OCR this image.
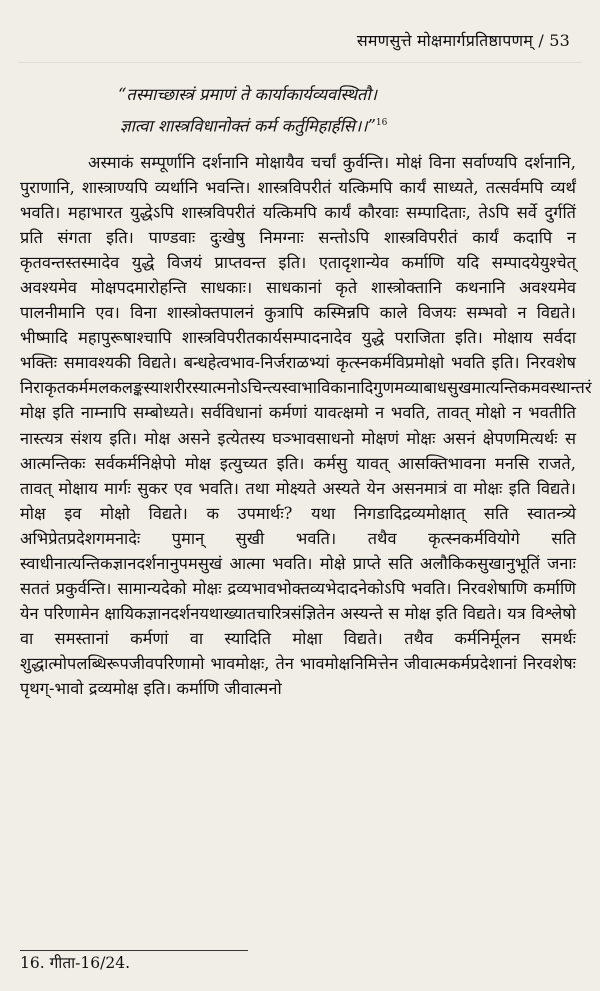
समणसुत्ते मोक्षमार्गप्रतिष्ठापणम् / 53
“तस्माच्छास्त्रं प्रमाणं ते कार्याकार्यव्यवस्थितौ।
ज्ञात्वा शास्त्रविधानोक्तं कर्म कर्तुमिहार्हसि।।”$^{16}$

अस्माकं सम्पूर्णानि दर्शनानि मोक्षायैव चर्चां कुर्वन्ति। मोक्षं विना सर्वाण्यपि दर्शनानि, पुराणानि, शास्त्राण्यपि व्यर्थानि भवन्ति। शास्त्रविपरीतं यत्किमपि कार्यं साध्यते, तत्सर्वमपि व्यर्थं भवति। महाभारत युद्धेऽपि शास्त्रविपरीतं यत्किमपि कार्यं कौरवाः सम्पादिताः, तेऽपि सर्वे दुर्गतिं प्रति संगता इति। पाण्डवाः दुःखेषु निमग्नाः सन्तोऽपि शास्त्रविपरीतं कार्यं कदापि न कृतवन्तस्तस्मादेव युद्धे विजयं प्राप्तवन्त इति। एतादृशान्येव कर्माणि यदि सम्पादयेयुश्चेत् अवश्यमेव मोक्षपदमारोहन्ति साधकाः। साधकानां कृते शास्त्रोक्तानि कथनानि अवश्यमेव पालनीमानि एव। विना शास्त्रोक्तपालनं कुत्रापि कस्मिन्नपि काले विजयः सम्भवो न विद्यते। भीष्मादि महापुरूषाश्चापि शास्त्रविपरीतकार्यसम्पादनादेव युद्धे पराजिता इति। मोक्षाय सर्वदा भक्तिः समावश्यकी विद्यते। बन्धहेत्वभाव-निर्जराळभ्यां कृत्स्नकर्मविप्रमोक्षो भवति इति। निरवशेष निराकृतकर्ममलकलङ्कस्याशरीरस्यात्मनोऽचिन्त्यस्वाभाविकानादिगुणमव्याबाधसुखमात्यन्तिकमवस्थान्तरं मोक्ष इति नाम्नापि सम्बोध्यते। सर्वविधानां कर्मणां यावत्क्षमो न भवति, तावत् मोक्षो न भवतीति नास्त्यत्र संशय इति। मोक्ष असने इत्येतस्य घञ्भावसाधनो मोक्षणं मोक्षः असनं क्षेपणमित्यर्थः स आत्मन्तिकः सर्वकर्मनिक्षेपो मोक्ष इत्युच्यत इति। कर्मसु यावत् आसक्तिभावना मनसि राजते, तावत् मोक्षाय मार्गः सुकर एव भवति। तथा मोक्ष्यते अस्यते येन असनमात्रं वा मोक्षः इति विद्यते। मोक्ष इव मोक्षो विद्यते। क उपमार्थः? यथा निगडादिद्रव्यमोक्षात् सति स्वातन्त्र्ये अभिप्रेतप्रदेशगमनादेः पुमान् सुखी भवति। तथैव कृत्स्नकर्मवियोगे सति स्वाधीनात्यन्तिकज्ञानदर्शनानुपमसुखं आत्मा भवति। मोक्षे प्राप्ते सति अलौकिकसुखानुभूतिं जनाः सततं प्रकुर्वन्ति। सामान्यदेको मोक्षः द्रव्यभावभोक्तव्यभेदादनेकोऽपि भवति। निरवशेषाणि कर्माणि येन परिणामेन क्षायिकज्ञानदर्शनयथाख्यातचारित्रसंज्ञितेन अस्यन्ते स मोक्ष इति विद्यते। यत्र विश्लेषो वा समस्तानां कर्मणां वा स्यादिति मोक्षा विद्यते। तथैव कर्मनिर्मूलन समर्थः शुद्धात्मोपलब्धिरूपजीवपरिणामो भावमोक्षः, तेन भावमोक्षनिमित्तेन जीवात्मकर्मप्रदेशानां निरवशेषः पृथग्-भावो द्रव्यमोक्ष इति। कर्माणि जीवात्मनो

16. गीता-16/24.
